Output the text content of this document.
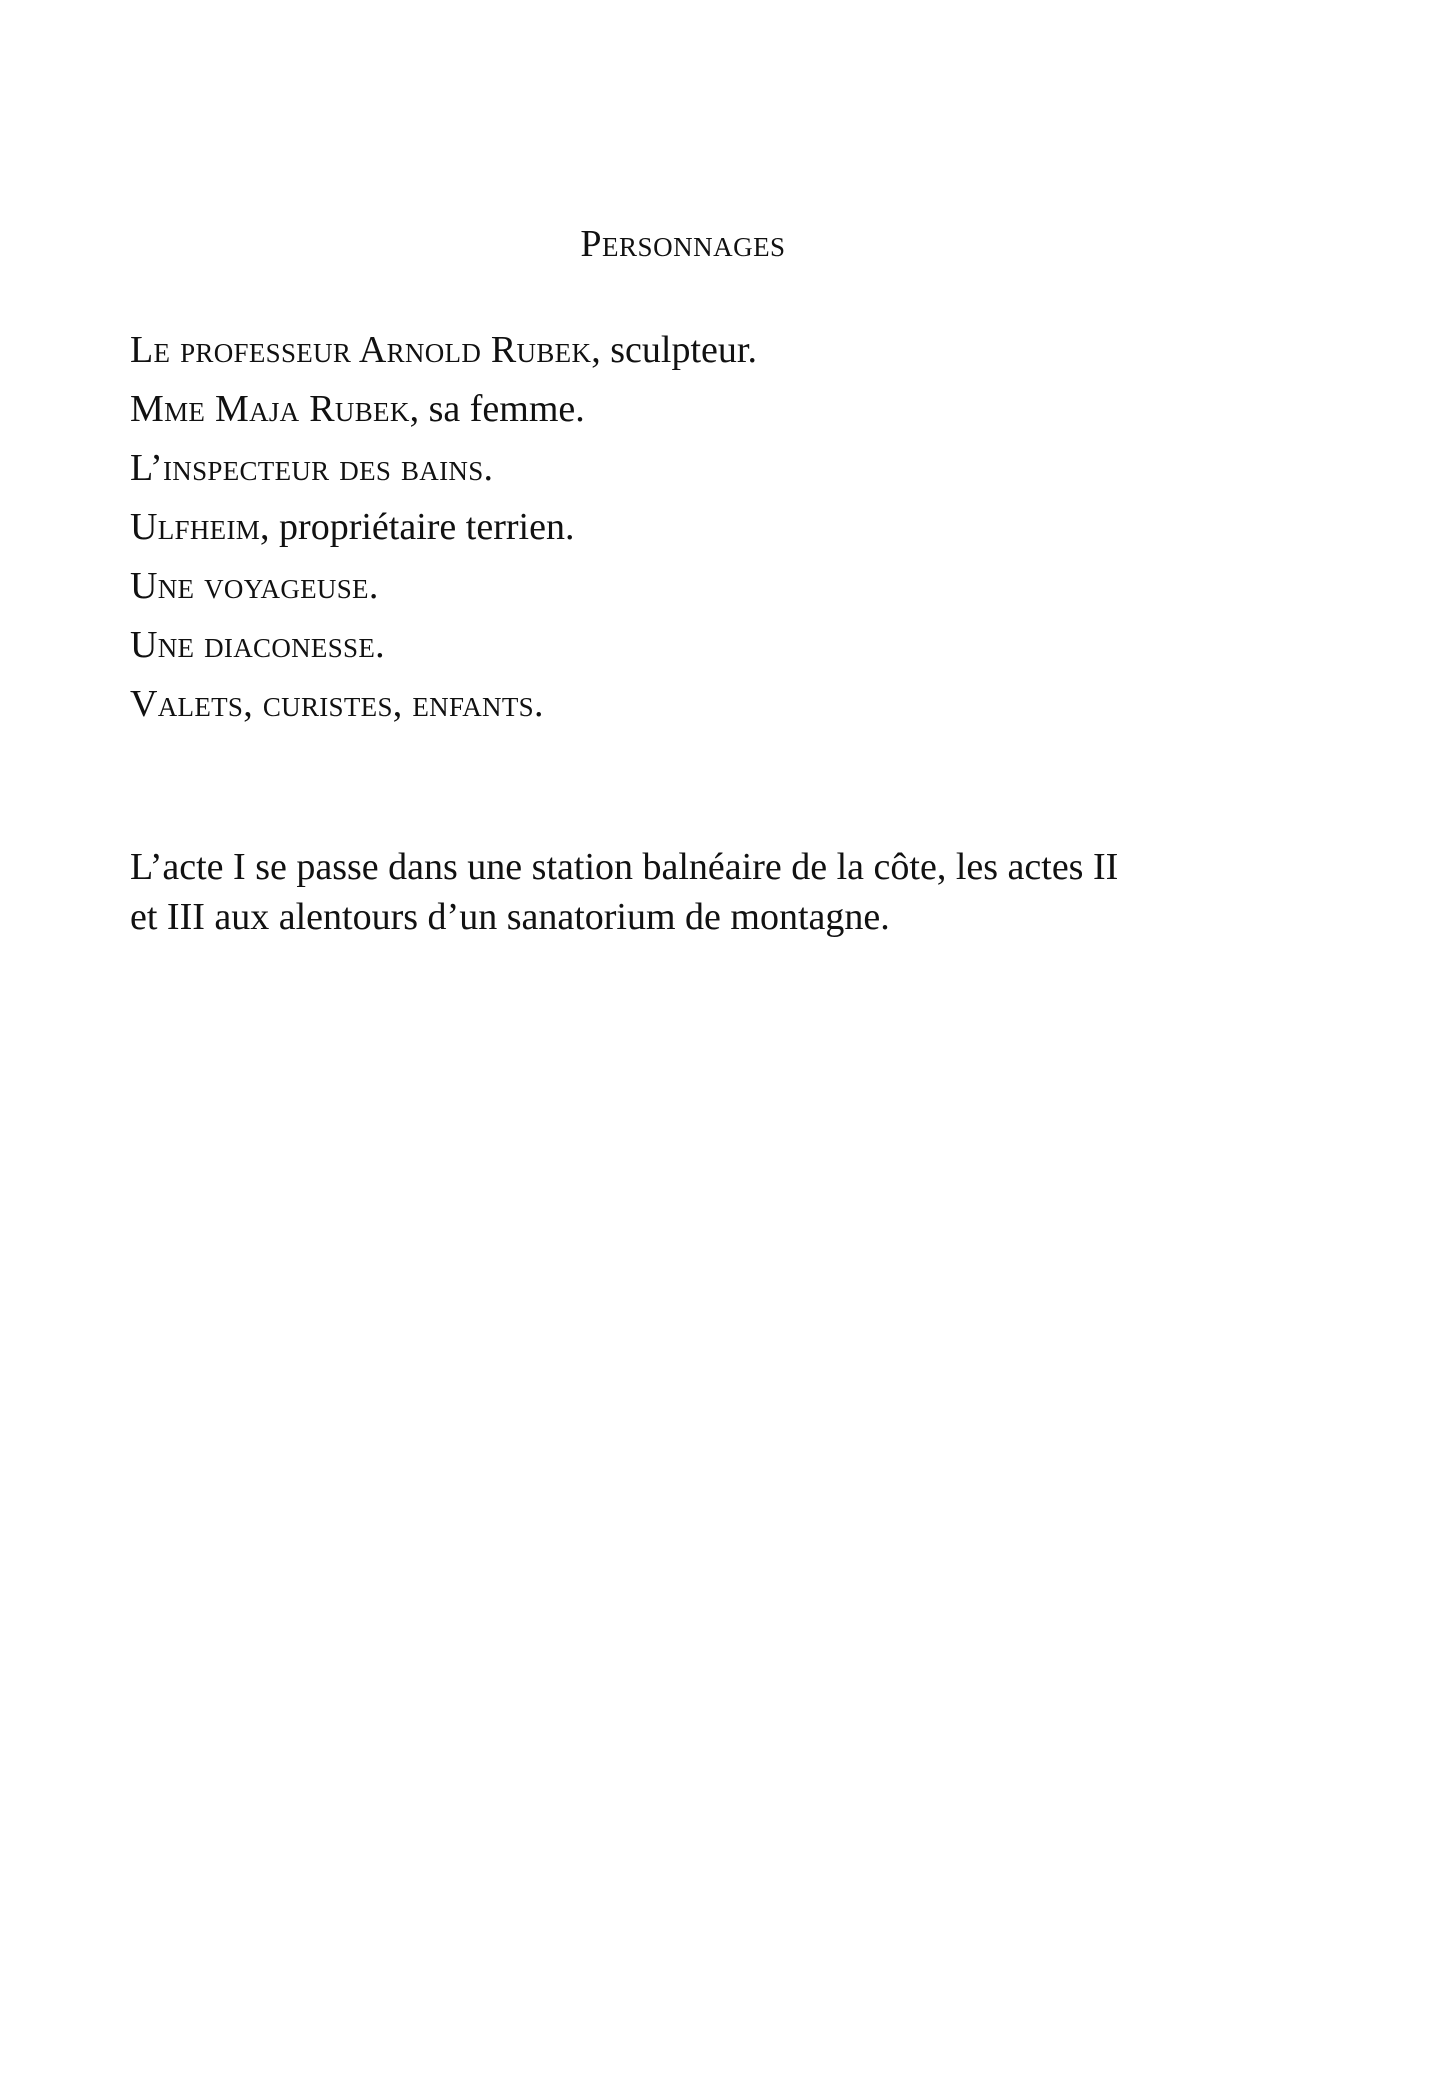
Personnages
Le professeur Arnold Rubek, sculpteur.
Mme Maja Rubek, sa femme.
L’inspecteur des bains.
Ulfheim, propriétaire terrien.
Une voyageuse.
Une diaconesse.
Valets, curistes, enfants.

L’acte I se passe dans une station balnéaire de la côte, les actes II
et III aux alentours d’un sanatorium de montagne.
